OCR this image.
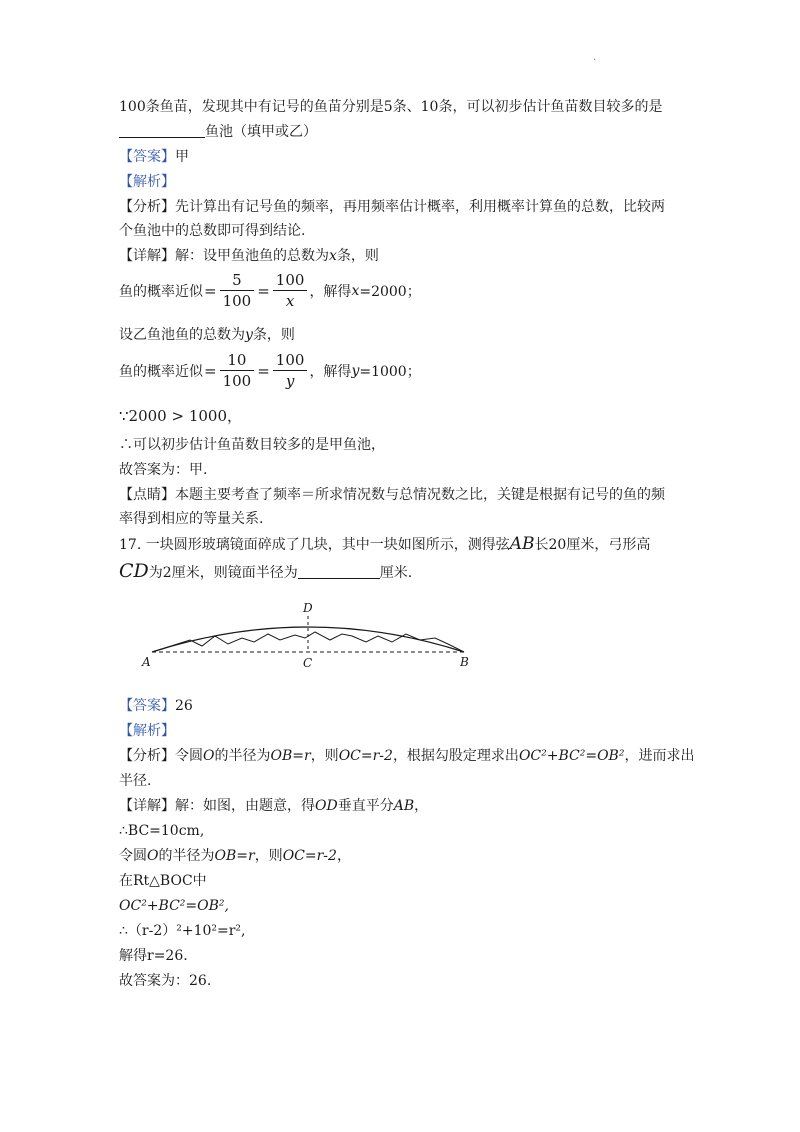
.
100条鱼苗，发现其中有记号的鱼苗分别是5条、10条，可以初步估计鱼苗数目较多的是
鱼池（填甲或乙）
【答案】甲
【解析】
【分析】先计算出有记号鱼的频率，再用频率估计概率，利用概率计算鱼的总数，比较两
个鱼池中的总数即可得到结论.
【详解】解：设甲鱼池鱼的总数为x条，则
鱼的概率近似 = $\frac{5}{100} = \frac{100}{x}$ ，解得 x =2000；
设乙鱼池鱼的总数为y条，则
鱼的概率近似 = $\frac{10}{100} = \frac{100}{y}$ ，解得 y =1000；
∵2000 > 1000，
∴可以初步估计鱼苗数目较多的是甲鱼池，
故答案为：甲.
【点睛】本题主要考查了频率＝所求情况数与总情况数之比，关键是根据有记号的鱼的频
率得到相应的等量关系.
17. 一块圆形玻璃镜面碎成了几块，其中一块如图所示，测得弦AB长20厘米，弓形高
CD为2厘米，则镜面半径为	厘米.
A	B
C
D
【答案】26
【解析】
【分析】令圆O的半径为OB=r，则OC=r-2，根据勾股定理求出OC²+BC²=OB²，进而求出
半径.
【详解】解：如图，由题意，得OD垂直平分AB，
∴BC=10cm,
令圆O的半径为OB=r，则OC=r-2，
在Rt△BOC中
OC²+BC²=OB²,
∴（r-2）²+10²=r²,
解得r=26.
故答案为：26.
